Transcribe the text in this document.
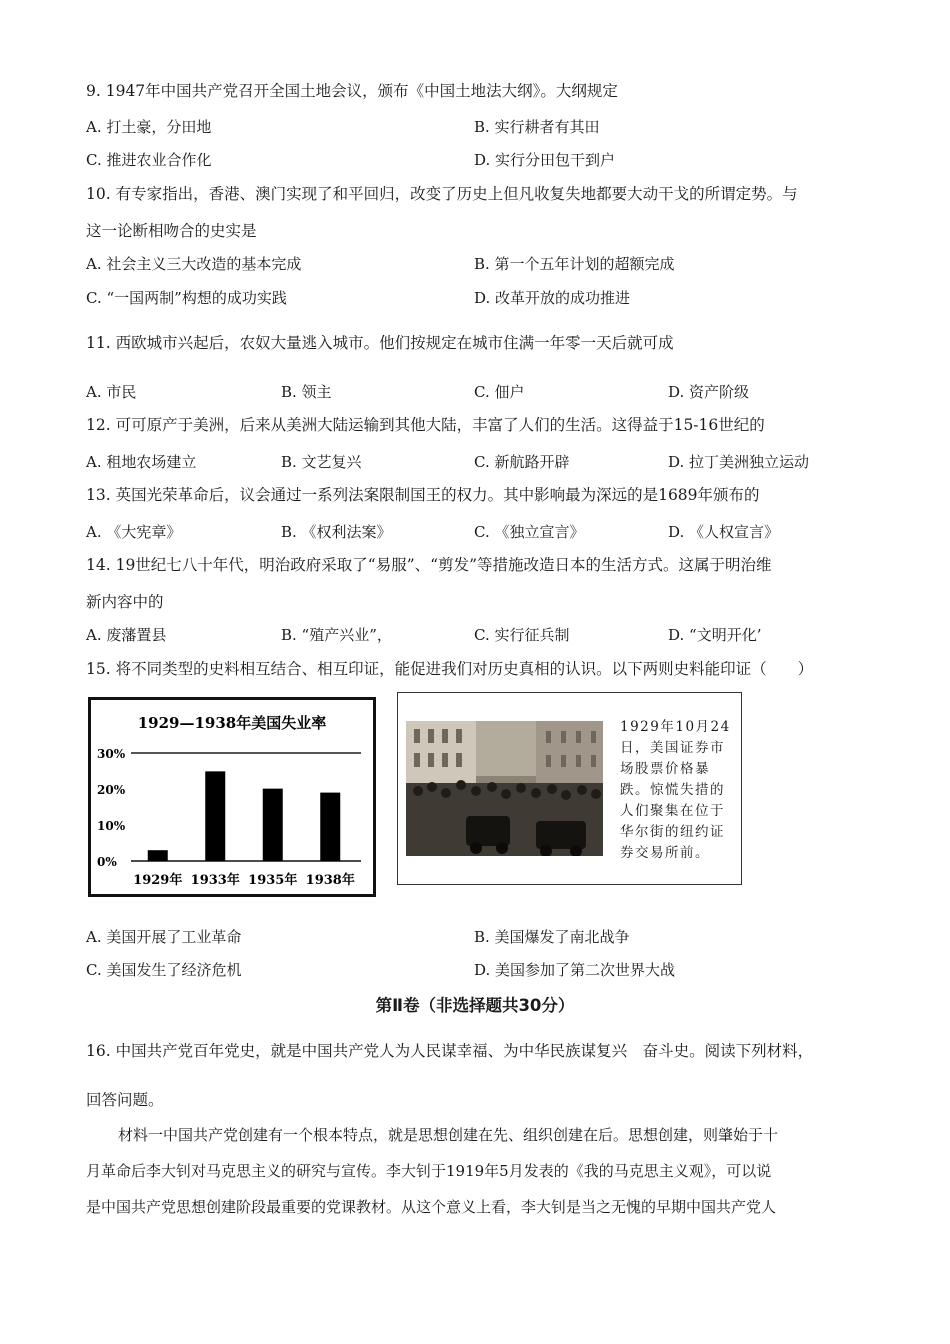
9. 1947年中国共产党召开全国土地会议，颁布《中国土地法大纲》。大纲规定
A. 打土豪，分田地	B. 实行耕者有其田
C. 推进农业合作化	D. 实行分田包干到户
10. 有专家指出，香港、澳门实现了和平回归，改变了历史上但凡收复失地都要大动干戈的所谓定势。与
这一论断相吻合的史实是
A. 社会主义三大改造的基本完成	B. 第一个五年计划的超额完成
C. “一国两制”构想的成功实践	D. 改革开放的成功推进
11. 西欧城市兴起后，农奴大量逃入城市。他们按规定在城市住满一年零一天后就可成
A. 市民	B. 领主	C. 佃户	D. 资产阶级
12. 可可原产于美洲，后来从美洲大陆运输到其他大陆，丰富了人们的生活。这得益于15-16世纪的
A. 租地农场建立	B. 文艺复兴	C. 新航路开辟	D. 拉丁美洲独立运动
13. 英国光荣革命后，议会通过一系列法案限制国王的权力。其中影响最为深远的是1689年颁布的
A. 《大宪章》	B. 《权利法案》	C. 《独立宣言》	D. 《人权宣言》
14. 19世纪七八十年代，明治政府采取了“易服”、“剪发”等措施改造日本的生活方式。这属于明治维
新内容中的
A. 废藩置县	B. “殖产兴业”，	C. 实行征兵制	D. “文明开化’
15. 将不同类型的史料相互结合、相互印证，能促进我们对历史真相的认识。以下两则史料能印证（　　）
1929—1938年美国失业率
0%
10%
20%
30%
1929年 1933年 1935年 1938年
1929年10月24日，美国证券市场股票价格暴跌。惊慌失措的人们聚集在位于华尔街的纽约证券交易所前。
A. 美国开展了工业革命	B. 美国爆发了南北战争
C. 美国发生了经济危机	D. 美国参加了第二次世界大战
第Ⅱ卷（非选择题共30分）
16. 中国共产党百年党史，就是中国共产党人为人民谋幸福、为中华民族谋复兴　奋斗史。阅读下列材料，
回答问题。
材料一中国共产党创建有一个根本特点，就是思想创建在先、组织创建在后。思想创建，则肇始于十
月革命后李大钊对马克思主义的研究与宣传。李大钊于1919年5月发表的《我的马克思主义观》，可以说
是中国共产党思想创建阶段最重要的党课教材。从这个意义上看，李大钊是当之无愧的早期中国共产党人
